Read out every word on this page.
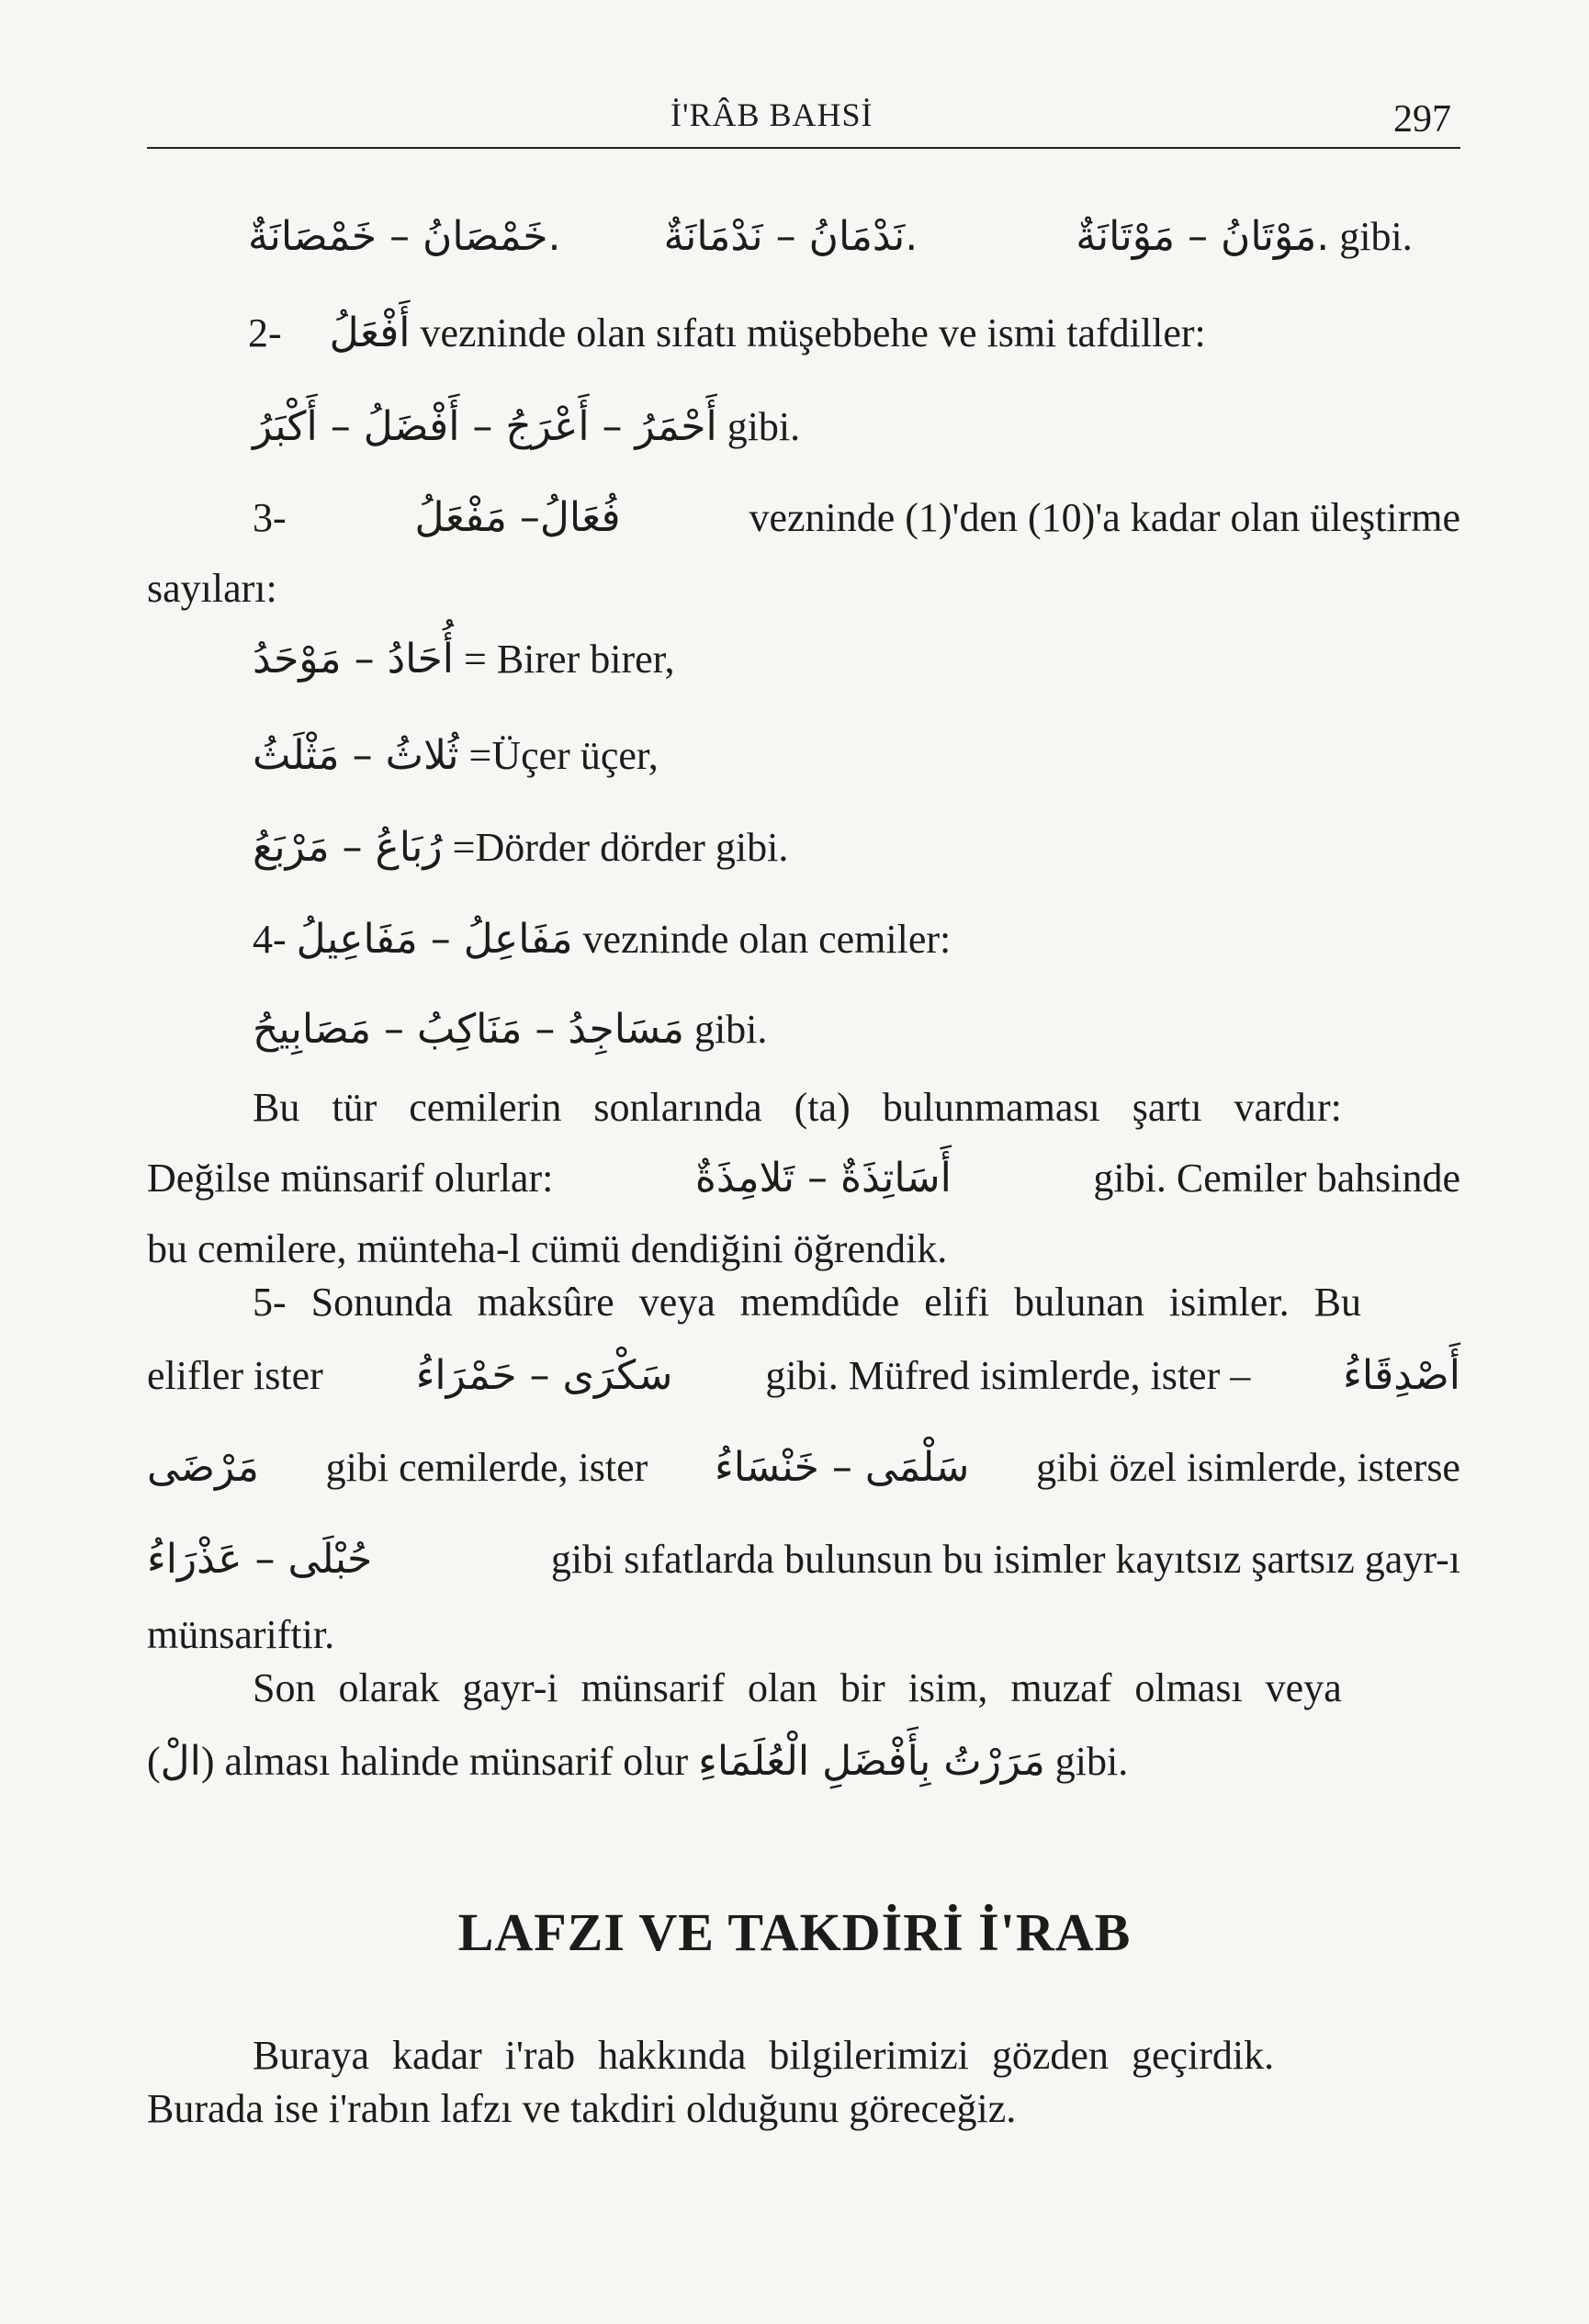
İ'RÂB BAHSİ	297
.خَمْصَانُ – خَمْصَانَةٌ	.نَدْمَانُ – نَدْمَانَةٌ	.مَوْتَانُ – مَوْتَانَةٌ gibi.
2- أَفْعَلُ vezninde olan sıfatı müşebbehe ve ismi tafdiller:
أَحْمَرُ – أَعْرَجُ – أَفْضَلُ – أَكْبَرُ gibi.
3-	فُعَالُ– مَفْعَلُ	vezninde (1)'den (10)'a kadar olan üleştirme
sayıları:
أُحَادُ – مَوْحَدُ = Birer birer,
ثُلاثُ – مَثْلَثُ =Üçer üçer,
رُبَاعُ – مَرْبَعُ =Dörder dörder gibi.
4- مَفَاعِلُ – مَفَاعِيلُ vezninde olan cemiler:
مَسَاجِدُ – مَنَاكِبُ – مَصَابِيحُ gibi.
Bu tür cemilerin sonlarında (ta) bulunmaması şartı vardır:
Değilse münsarif olurlar:	أَسَاتِذَةٌ – تَلامِذَةٌ	gibi. Cemiler bahsinde
bu cemilere, münteha-l cümü dendiğini öğrendik.
5- Sonunda maksûre veya memdûde elifi bulunan isimler. Bu
elifler ister سَكْرَى – حَمْرَاءُ gibi. Müfred isimlerde, ister – أَصْدِقَاءُ
مَرْضَى gibi cemilerde, ister سَلْمَى – خَنْسَاءُ gibi özel isimlerde, isterse
حُبْلَى – عَذْرَاءُ	gibi sıfatlarda bulunsun bu isimler kayıtsız şartsız gayr-ı
münsariftir.
Son olarak gayr-i münsarif olan bir isim, muzaf olması veya
(الْ) alması halinde münsarif olur مَرَرْتُ بِأَفْضَلِ الْعُلَمَاءِ gibi.
LAFZI VE TAKDİRİ İ'RAB
Buraya kadar i'rab hakkında bilgilerimizi gözden geçirdik.
Burada ise i'rabın lafzı ve takdiri olduğunu göreceğiz.
